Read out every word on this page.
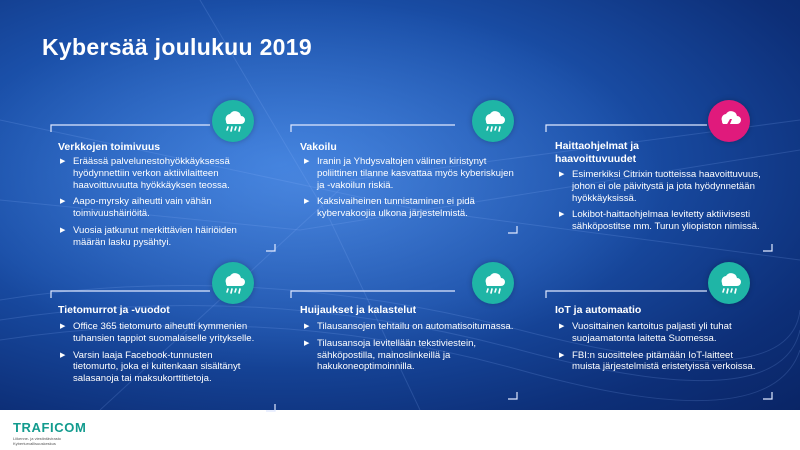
Kybersää joulukuu 2019
Verkkojen toimivuus
▶ Eräässä palvelunestohyökkäyksessä hyödynnettiin verkon aktiivilaitteen haavoittuvuutta hyökkäyksen teossa.
▶ Aapo-myrsky aiheutti vain vähän toimivuushäiriöitä.
▶ Vuosia jatkunut merkittävien häiriöiden määrän lasku pysähtyi.
Vakoilu
▶ Iranin ja Yhdysvaltojen välinen kiristynyt poliittinen tilanne kasvattaa myös kyberiskujen ja -vakoilun riskiä.
▶ Kaksivaiheinen tunnistaminen ei pidä kybervakoojia ulkona järjestelmistä.
Haittaohjelmat ja haavoittuvuudet
▶ Esimerkiksi Citrixin tuotteissa haavoittuvuus, johon ei ole päivitystä ja jota hyödynnetään hyökkäyksissä.
▶ Lokibot-haittaohjelmaa levitetty aktiivisesti sähköpostitse mm. Turun yliopiston nimissä.
Tietomurrot ja -vuodot
▶ Office 365 tietomurto aiheutti kymmenien tuhansien tappiot suomalaiselle yritykselle.
▶ Varsin laaja Facebook-tunnusten tietomurto, joka ei kuitenkaan sisältänyt salasanoja tai maksukorttitietoja.
Huijaukset ja kalastelut
▶ Tilausansojen tehtailu on automatisoitumassa.
▶ Tilausansoja levitellään tekstiviestein, sähköpostilla, mainoslinkeillä ja hakukoneoptimoinnilla.
IoT ja automaatio
▶ Vuosittainen kartoitus paljasti yli tuhat suojaamatonta laitetta Suomessa.
▶ FBI:n suosittelee pitämään IoT-laitteet muista järjestelmistä eristetyissä verkoissa.
TRAFICOM
Liikenne- ja viestintävirasto Kyberturvallisuuskeskus
